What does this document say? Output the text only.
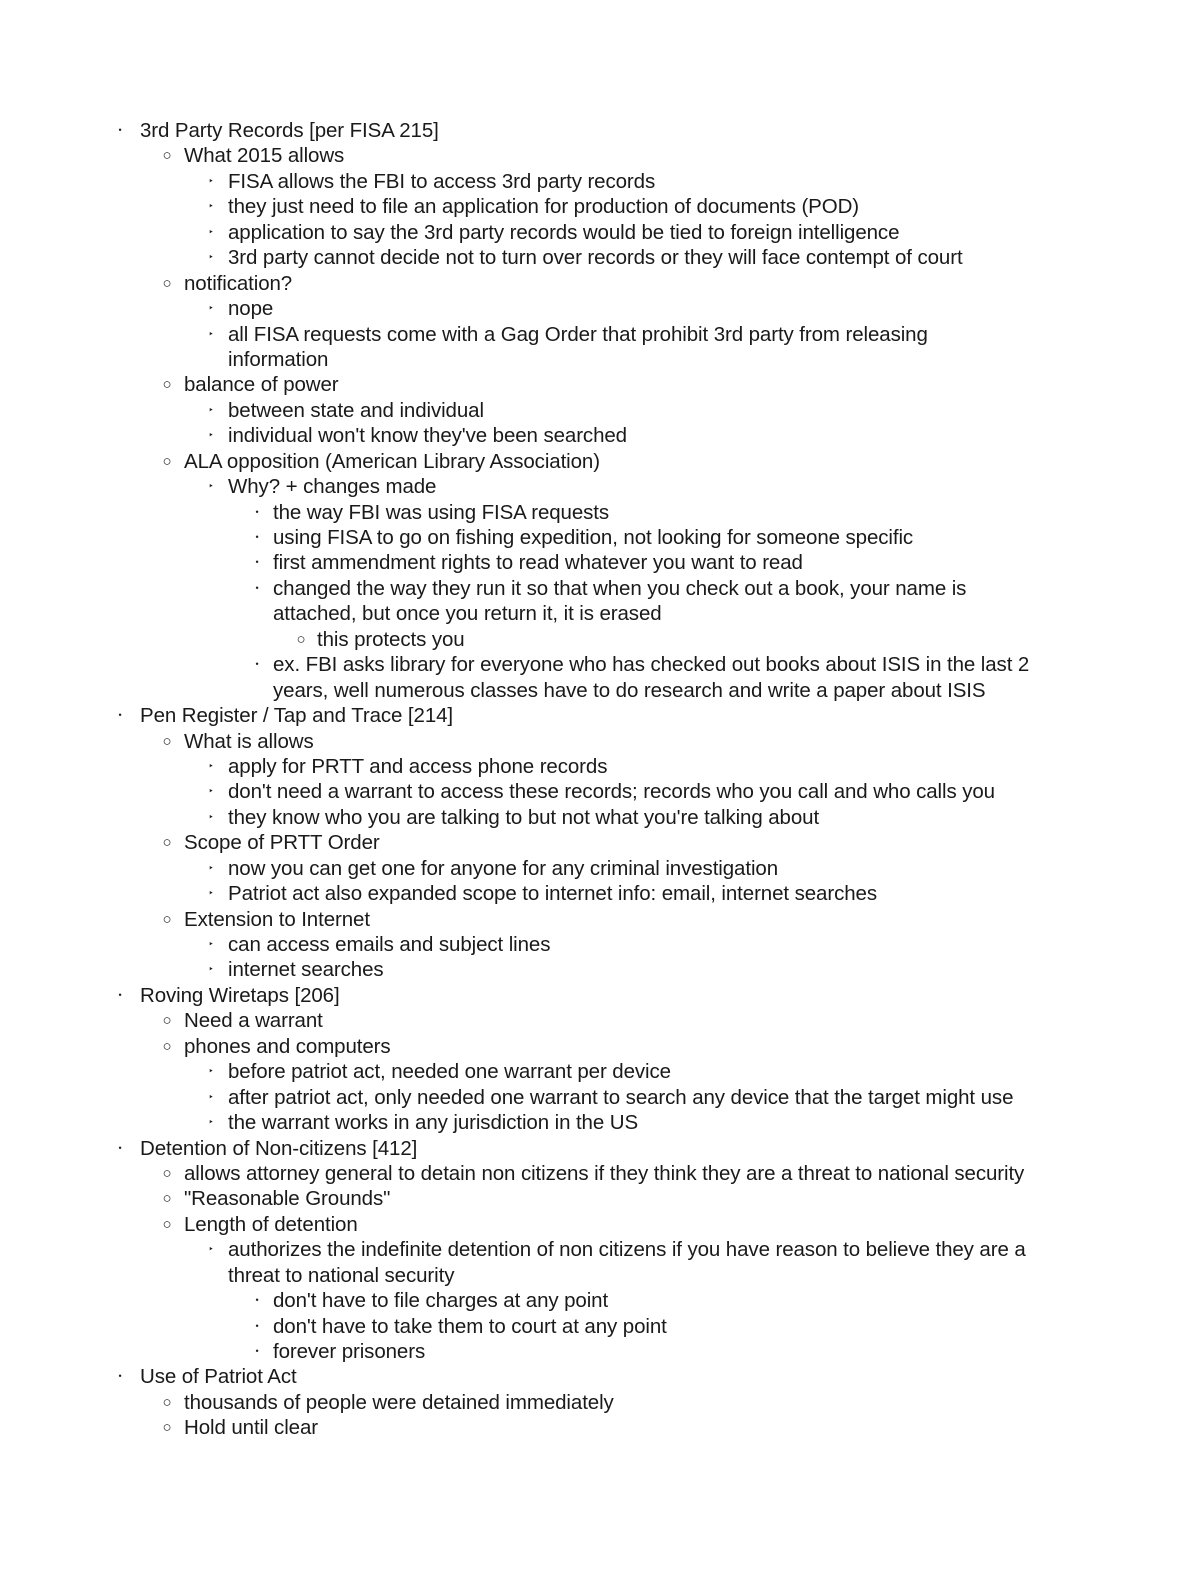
• 3rd Party Records [per FISA 215]
○ What 2015 allows
‣ FISA allows the FBI to access 3rd party records
‣ they just need to file an application for production of documents (POD)
‣ application to say the 3rd party records would be tied to foreign intelligence
‣ 3rd party cannot decide not to turn over records or they will face contempt of court
○ notification?
‣ nope
‣ all FISA requests come with a Gag Order that prohibit 3rd party from releasing
information
○ balance of power
‣ between state and individual
‣ individual won't know they've been searched
○ ALA opposition (American Library Association)
‣ Why? + changes made
• the way FBI was using FISA requests
• using FISA to go on fishing expedition, not looking for someone specific
• first ammendment rights to read whatever you want to read
• changed the way they run it so that when you check out a book, your name is
attached, but once you return it, it is erased
○ this protects you
• ex. FBI asks library for everyone who has checked out books about ISIS in the last 2
years, well numerous classes have to do research and write a paper about ISIS
• Pen Register / Tap and Trace [214]
○ What is allows
‣ apply for PRTT and access phone records
‣ don't need a warrant to access these records; records who you call and who calls you
‣ they know who you are talking to but not what you're talking about
○ Scope of PRTT Order
‣ now you can get one for anyone for any criminal investigation
‣ Patriot act also expanded scope to internet info: email, internet searches
○ Extension to Internet
‣ can access emails and subject lines
‣ internet searches
• Roving Wiretaps [206]
○ Need a warrant
○ phones and computers
‣ before patriot act, needed one warrant per device
‣ after patriot act, only needed one warrant to search any device that the target might use
‣ the warrant works in any jurisdiction in the US
• Detention of Non-citizens [412]
○ allows attorney general to detain non citizens if they think they are a threat to national security
○ "Reasonable Grounds"
○ Length of detention
‣ authorizes the indefinite detention of non citizens if you have reason to believe they are a
threat to national security
• don't have to file charges at any point
• don't have to take them to court at any point
• forever prisoners
• Use of Patriot Act
○ thousands of people were detained immediately
○ Hold until clear
